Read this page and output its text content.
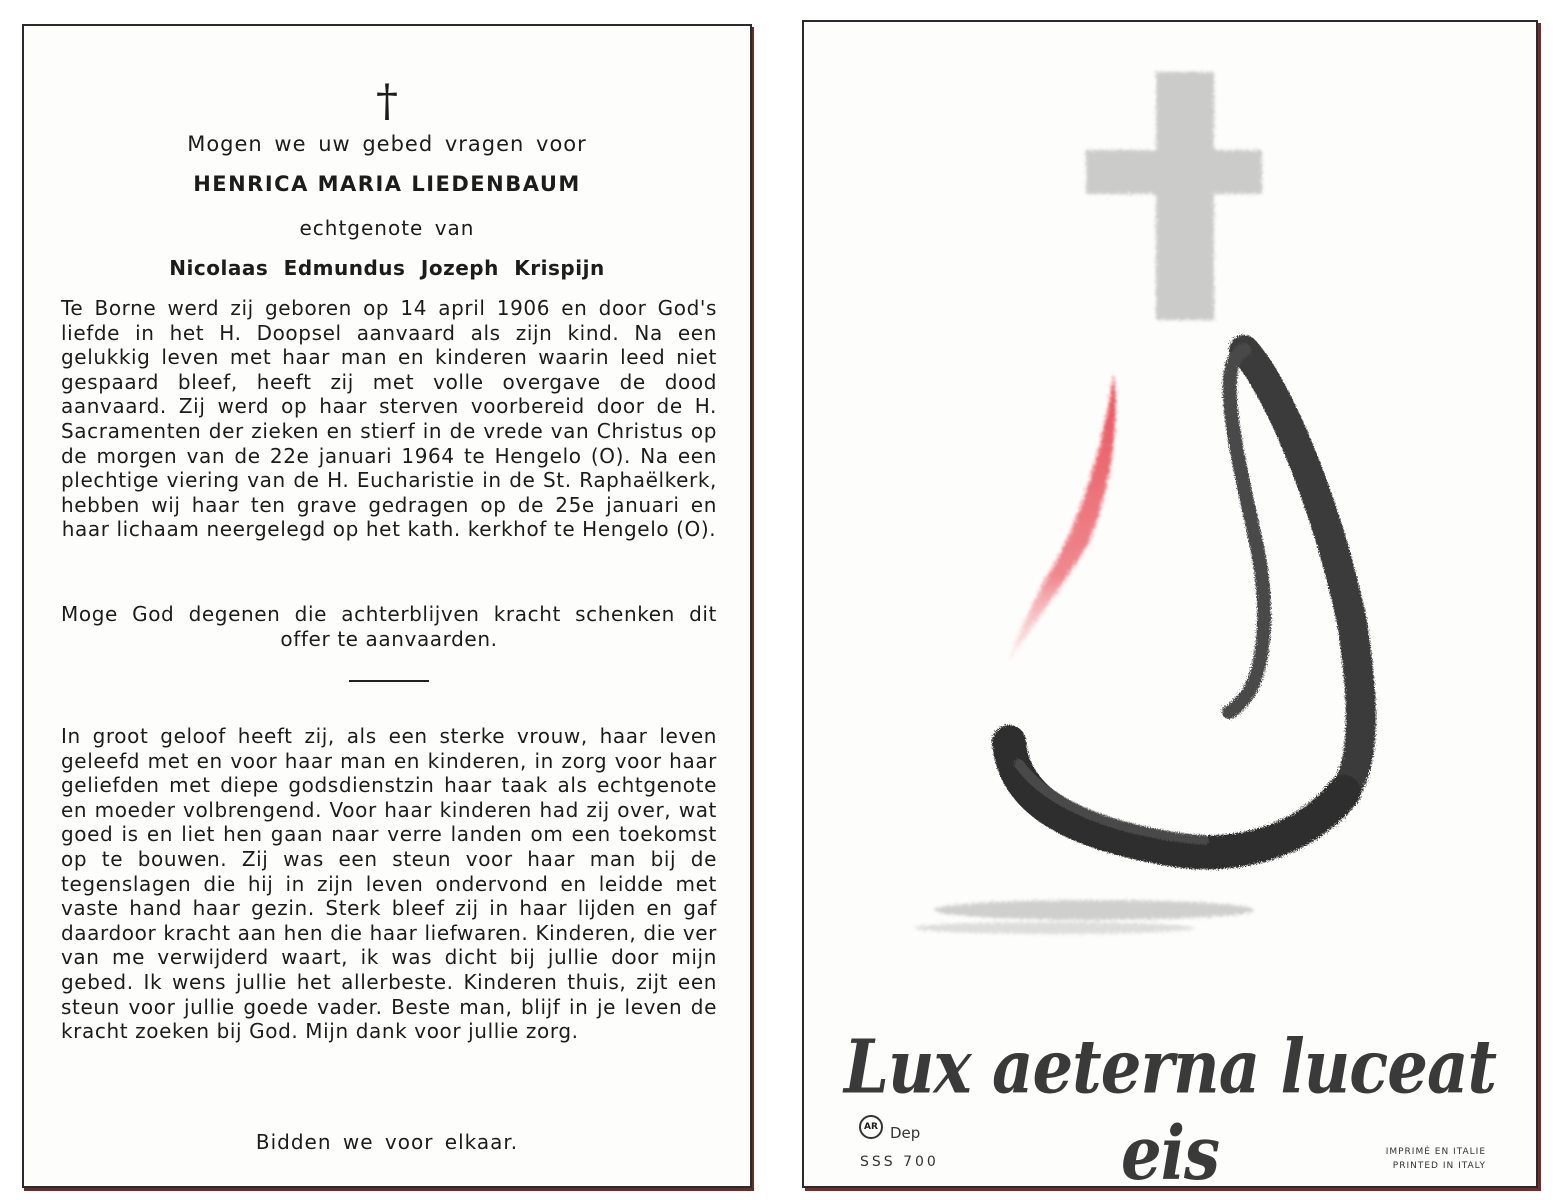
†
Mogen we uw gebed vragen voor
HENRICA MARIA LIEDENBAUM
echtgenote van
Nicolaas Edmundus Jozeph Krispijn

Te Borne werd zij geboren op 14 april 1906 en door God's liefde in het H. Doopsel aanvaard als zijn kind. Na een gelukkig leven met haar man en kinderen waarin leed niet gespaard bleef, heeft zij met volle overgave de dood aanvaard. Zij werd op haar sterven voorbereid door de H. Sacramenten der zieken en stierf in de vrede van Christus op de morgen van de 22e januari 1964 te Hengelo (O). Na een plechtige viering van de H. Eucharistie in de St. Raphaëlkerk, hebben wij haar ten grave gedragen op de 25e januari en haar lichaam neergelegd op het kath. kerkhof te Hengelo (O).

Moge God degenen die achterblijven kracht schenken dit offer te aanvaarden.

In groot geloof heeft zij, als een sterke vrouw, haar leven geleefd met en voor haar man en kinderen, in zorg voor haar geliefden met diepe godsdienstzin haar taak als echtgenote en moeder volbrengend. Voor haar kinderen had zij over, wat goed is en liet hen gaan naar verre landen om een toekomst op te bouwen. Zij was een steun voor haar man bij de tegenslagen die hij in zijn leven ondervond en leidde met vaste hand haar gezin. Sterk bleef zij in haar lijden en gaf daardoor kracht aan hen die haar liefwaren. Kinderen, die ver van me verwijderd waart, ik was dicht bij jullie door mijn gebed. Ik wens jullie het allerbeste. Kinderen thuis, zijt een steun voor jullie goede vader. Beste man, blijf in je leven de kracht zoeken bij God. Mijn dank voor jullie zorg.

Bidden we voor elkaar.
Lux aeterna luceat eis
AR Dep
SSS 700
IMPRIMÉ EN ITALIE
PRINTED IN ITALY
